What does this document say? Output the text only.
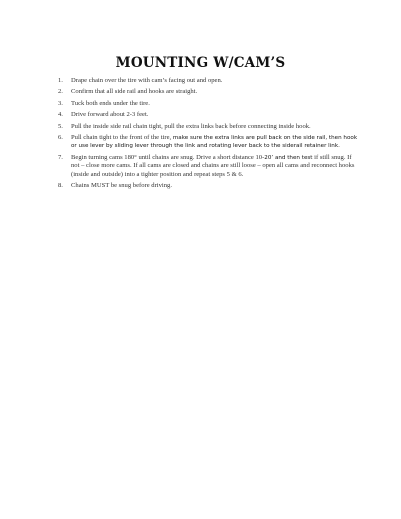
MOUNTING W/CAM’S
1. Drape chain over the tire with cam’s facing out and open.
2. Confirm that all side rail and hooks are straight.
3. Tuck both ends under the tire.
4. Drive forward about 2-3 feet.
5. Pull the inside side rail chain tight, pull the extra links back before connecting inside hook.
6. Pull chain tight to the front of the tire, make sure the extra links are pull back on the side rail, then hook or use lever by sliding lever through the link and rotating lever back to the siderail retainer link.
7. Begin turning cams 180° until chains are snug. Drive a short distance 10-20’ and then test if still snug. If not – close more cams. If all cams are closed and chains are still loose – open all cams and reconnect hooks (inside and outside) into a tighter position and repeat steps 5 & 6.
8. Chains MUST be snug before driving.
